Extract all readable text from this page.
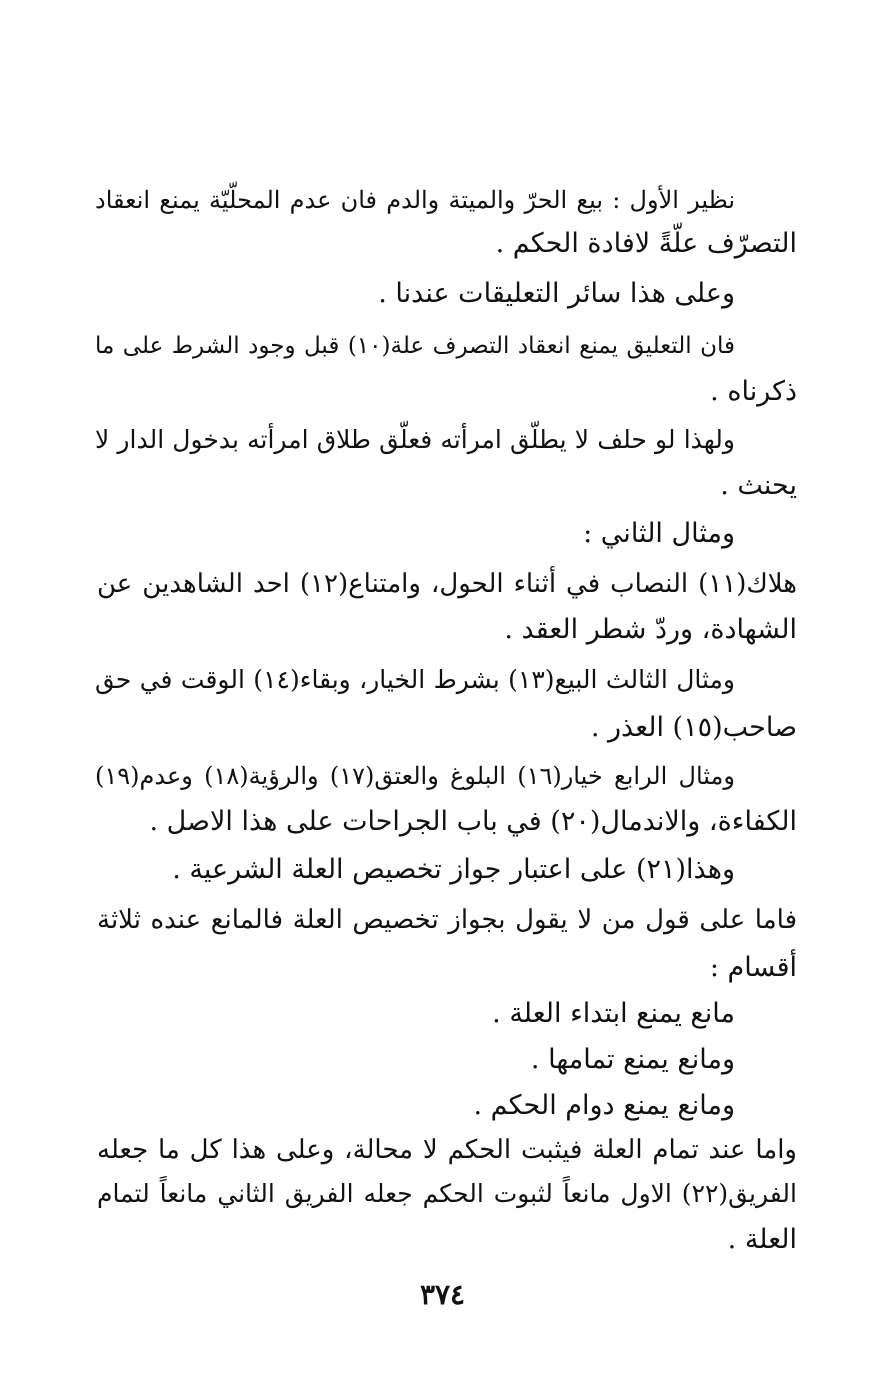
نظير الأول : بيع الحرّ والميتة والدم فان عدم المحلّيّة يمنع انعقاد
التصرّف علّةً لافادة الحكم .
وعلى هذا سائر التعليقات عندنا .
فان التعليق يمنع انعقاد التصرف علة(١٠) قبل وجود الشرط على ما
ذكرناه .
ولهذا لو حلف لا يطلّق امرأته فعلّق طلاق امرأته بدخول الدار لا
يحنث .
ومثال الثاني :
هلاك(١١) النصاب في أثناء الحول، وامتناع(١٢) احد الشاهدين عن
الشهادة، وردّ شطر العقد .
ومثال الثالث البيع(١٣) بشرط الخيار، وبقاء(١٤) الوقت في حق
صاحب(١٥) العذر .
ومثال الرابع خيار(١٦) البلوغ والعتق(١٧) والرؤية(١٨) وعدم(١٩)
الكفاءة، والاندمال(٢٠) في باب الجراحات على هذا الاصل .
وهذا(٢١) على اعتبار جواز تخصيص العلة الشرعية .
فاما على قول من لا يقول بجواز تخصيص العلة فالمانع عنده ثلاثة
أقسام :
مانع يمنع ابتداء العلة .
ومانع يمنع تمامها .
ومانع يمنع دوام الحكم .
واما عند تمام العلة فيثبت الحكم لا محالة، وعلى هذا كل ما جعله
الفريق(٢٢) الاول مانعاً لثبوت الحكم جعله الفريق الثاني مانعاً لتمام
العلة .
٣٧٤
